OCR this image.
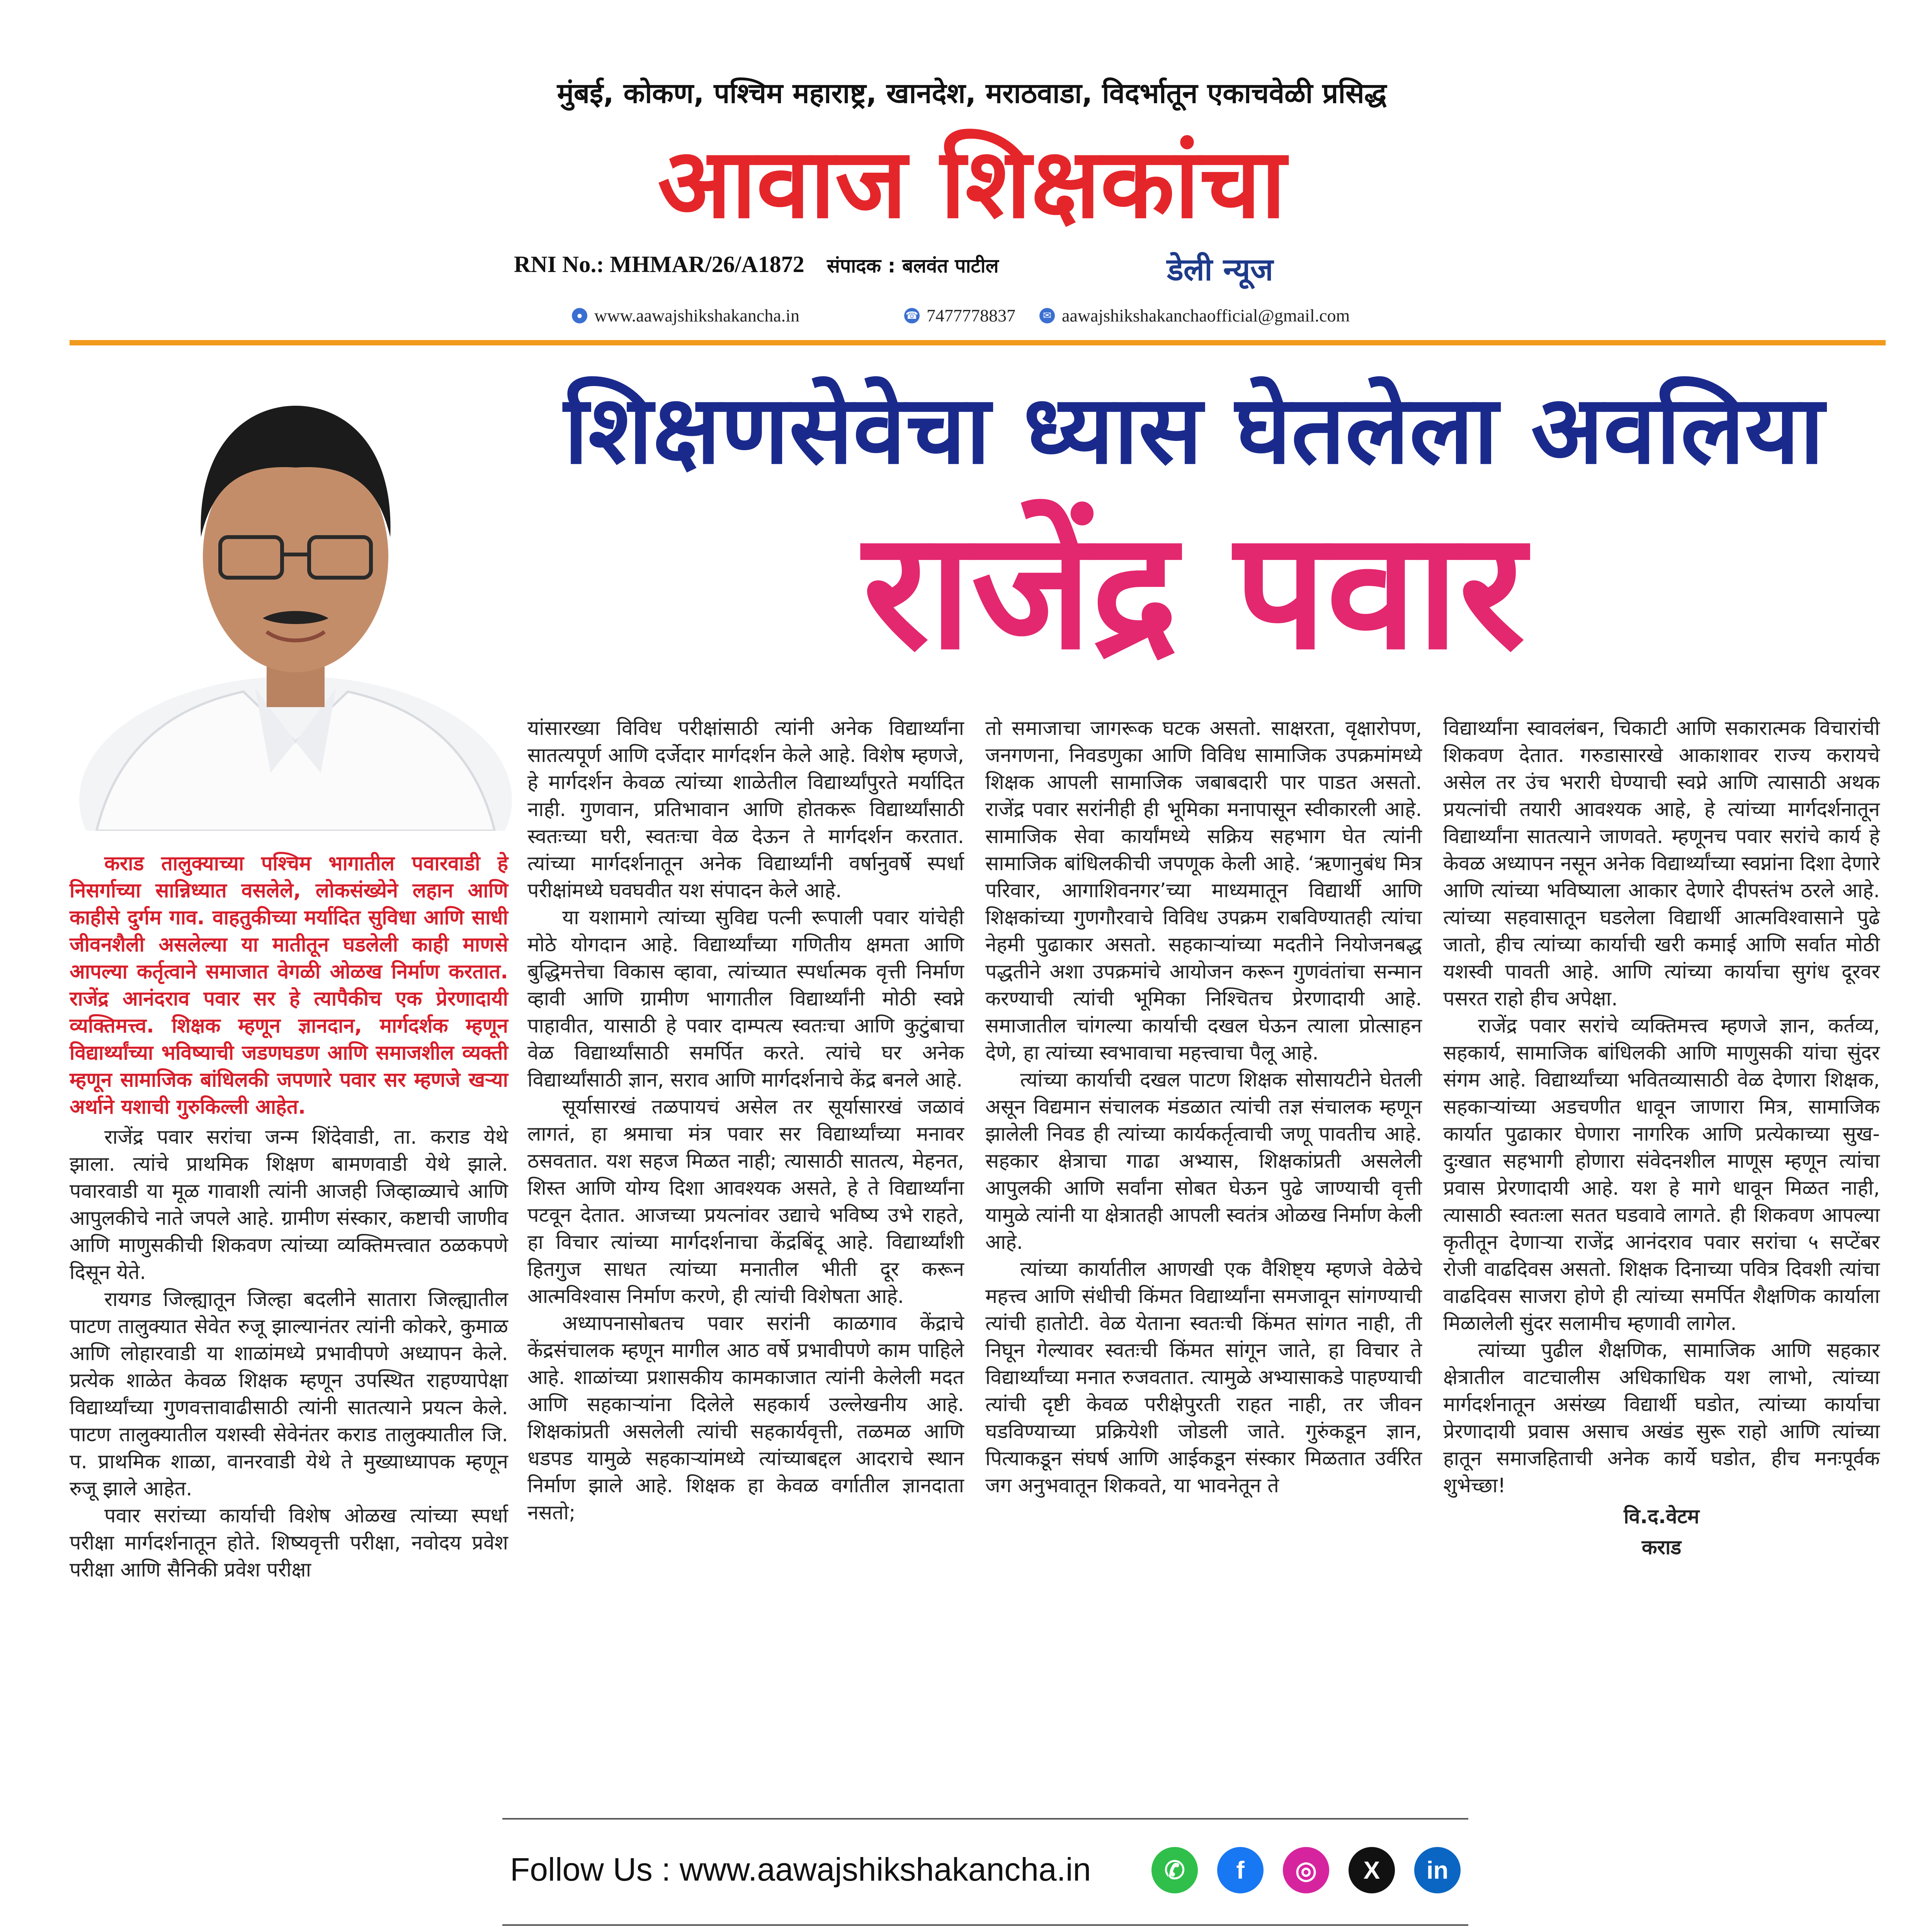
मुंबई, कोकण, पश्चिम महाराष्ट्र, खानदेश, मराठवाडा, विदर्भातून एकाचवेळी प्रसिद्ध
आवाज शिक्षकांचा
RNI No.: MHMAR/26/A1872 संपादक : बलवंत पाटील	डेली न्यूज
● www.aawajshikshakancha.in	☎ 7477778837	✉ aawajshikshakanchaofficial@gmail.com
शिक्षणसेवेचा ध्यास घेतलेला अवलिया
राजेंद्र पवार

कराड तालुक्याच्या पश्चिम भागातील पवारवाडी हे निसर्गाच्या सान्निध्यात वसलेले, लोकसंख्येने लहान आणि काहीसे दुर्गम गाव. वाहतुकीच्या मर्यादित सुविधा आणि साधी जीवनशैली असलेल्या या मातीतून घडलेली काही माणसे आपल्या कर्तृत्वाने समाजात वेगळी ओळख निर्माण करतात. राजेंद्र आनंदराव पवार सर हे त्यापैकीच एक प्रेरणादायी व्यक्तिमत्त्व. शिक्षक म्हणून ज्ञानदान, मार्गदर्शक म्हणून विद्यार्थ्यांच्या भविष्याची जडणघडण आणि समाजशील व्यक्ती म्हणून सामाजिक बांधिलकी जपणारे पवार सर म्हणजे खऱ्या अर्थाने यशाची गुरुकिल्ली आहेत.

राजेंद्र पवार सरांचा जन्म शिंदेवाडी, ता. कराड येथे झाला. त्यांचे प्राथमिक शिक्षण बामणवाडी येथे झाले. पवारवाडी या मूळ गावाशी त्यांनी आजही जिव्हाळ्याचे आणि आपुलकीचे नाते जपले आहे. ग्रामीण संस्कार, कष्टाची जाणीव आणि माणुसकीची शिकवण त्यांच्या व्यक्तिमत्त्वात ठळकपणे दिसून येते.

रायगड जिल्ह्यातून जिल्हा बदलीने सातारा जिल्ह्यातील पाटण तालुक्यात सेवेत रुजू झाल्यानंतर त्यांनी कोकरे, कुमाळ आणि लोहारवाडी या शाळांमध्ये प्रभावीपणे अध्यापन केले. प्रत्येक शाळेत केवळ शिक्षक म्हणून उपस्थित राहण्यापेक्षा विद्यार्थ्यांच्या गुणवत्तावाढीसाठी त्यांनी सातत्याने प्रयत्न केले. पाटण तालुक्यातील यशस्वी सेवेनंतर कराड तालुक्यातील जि. प. प्राथमिक शाळा, वानरवाडी येथे ते मुख्याध्यापक म्हणून रुजू झाले आहेत.

पवार सरांच्या कार्याची विशेष ओळख त्यांच्या स्पर्धा परीक्षा मार्गदर्शनातून होते. शिष्यवृत्ती परीक्षा, नवोदय प्रवेश परीक्षा आणि सैनिकी प्रवेश परीक्षा

यांसारख्या विविध परीक्षांसाठी त्यांनी अनेक विद्यार्थ्यांना सातत्यपूर्ण आणि दर्जेदार मार्गदर्शन केले आहे. विशेष म्हणजे, हे मार्गदर्शन केवळ त्यांच्या शाळेतील विद्यार्थ्यांपुरते मर्यादित नाही. गुणवान, प्रतिभावान आणि होतकरू विद्यार्थ्यांसाठी स्वतःच्या घरी, स्वतःचा वेळ देऊन ते मार्गदर्शन करतात. त्यांच्या मार्गदर्शनातून अनेक विद्यार्थ्यांनी वर्षानुवर्षे स्पर्धा परीक्षांमध्ये घवघवीत यश संपादन केले आहे.

या यशामागे त्यांच्या सुविद्य पत्नी रूपाली पवार यांचेही मोठे योगदान आहे. विद्यार्थ्यांच्या गणितीय क्षमता आणि बुद्धिमत्तेचा विकास व्हावा, त्यांच्यात स्पर्धात्मक वृत्ती निर्माण व्हावी आणि ग्रामीण भागातील विद्यार्थ्यांनी मोठी स्वप्ने पाहावीत, यासाठी हे पवार दाम्पत्य स्वतःचा आणि कुटुंबाचा वेळ विद्यार्थ्यांसाठी समर्पित करते. त्यांचे घर अनेक विद्यार्थ्यांसाठी ज्ञान, सराव आणि मार्गदर्शनाचे केंद्र बनले आहे.

सूर्यासारखं तळपायचं असेल तर सूर्यासारखं जळावं लागतं, हा श्रमाचा मंत्र पवार सर विद्यार्थ्यांच्या मनावर ठसवतात. यश सहज मिळत नाही; त्यासाठी सातत्य, मेहनत, शिस्त आणि योग्य दिशा आवश्यक असते, हे ते विद्यार्थ्यांना पटवून देतात. आजच्या प्रयत्नांवर उद्याचे भविष्य उभे राहते, हा विचार त्यांच्या मार्गदर्शनाचा केंद्रबिंदू आहे. विद्यार्थ्यांशी हितगुज साधत त्यांच्या मनातील भीती दूर करून आत्मविश्वास निर्माण करणे, ही त्यांची विशेषता आहे.

अध्यापनासोबतच पवार सरांनी काळगाव केंद्राचे केंद्रसंचालक म्हणून मागील आठ वर्षे प्रभावीपणे काम पाहिले आहे. शाळांच्या प्रशासकीय कामकाजात त्यांनी केलेली मदत आणि सहकाऱ्यांना दिलेले सहकार्य उल्लेखनीय आहे. शिक्षकांप्रती असलेली त्यांची सहकार्यवृत्ती, तळमळ आणि धडपड यामुळे सहकाऱ्यांमध्ये त्यांच्याबद्दल आदराचे स्थान निर्माण झाले आहे. शिक्षक हा केवळ वर्गातील ज्ञानदाता नसतो;

तो समाजाचा जागरूक घटक असतो. साक्षरता, वृक्षारोपण, जनगणना, निवडणुका आणि विविध सामाजिक उपक्रमांमध्ये शिक्षक आपली सामाजिक जबाबदारी पार पाडत असतो. राजेंद्र पवार सरांनीही ही भूमिका मनापासून स्वीकारली आहे. सामाजिक सेवा कार्यांमध्ये सक्रिय सहभाग घेत त्यांनी सामाजिक बांधिलकीची जपणूक केली आहे. ‘ऋणानुबंध मित्र परिवार, आगाशिवनगर’च्या माध्यमातून विद्यार्थी आणि शिक्षकांच्या गुणगौरवाचे विविध उपक्रम राबविण्यातही त्यांचा नेहमी पुढाकार असतो. सहकाऱ्यांच्या मदतीने नियोजनबद्ध पद्धतीने अशा उपक्रमांचे आयोजन करून गुणवंतांचा सन्मान करण्याची त्यांची भूमिका निश्चितच प्रेरणादायी आहे. समाजातील चांगल्या कार्याची दखल घेऊन त्याला प्रोत्साहन देणे, हा त्यांच्या स्वभावाचा महत्त्वाचा पैलू आहे.

त्यांच्या कार्याची दखल पाटण शिक्षक सोसायटीने घेतली असून विद्यमान संचालक मंडळात त्यांची तज्ञ संचालक म्हणून झालेली निवड ही त्यांच्या कार्यकर्तृत्वाची जणू पावतीच आहे. सहकार क्षेत्राचा गाढा अभ्यास, शिक्षकांप्रती असलेली आपुलकी आणि सर्वांना सोबत घेऊन पुढे जाण्याची वृत्ती यामुळे त्यांनी या क्षेत्रातही आपली स्वतंत्र ओळख निर्माण केली आहे.

त्यांच्या कार्यातील आणखी एक वैशिष्ट्य म्हणजे वेळेचे महत्त्व आणि संधीची किंमत विद्यार्थ्यांना समजावून सांगण्याची त्यांची हातोटी. वेळ येताना स्वतःची किंमत सांगत नाही, ती निघून गेल्यावर स्वतःची किंमत सांगून जाते, हा विचार ते विद्यार्थ्यांच्या मनात रुजवतात. त्यामुळे अभ्यासाकडे पाहण्याची त्यांची दृष्टी केवळ परीक्षेपुरती राहत नाही, तर जीवन घडविण्याच्या प्रक्रियेशी जोडली जाते. गुरुंकडून ज्ञान, पित्याकडून संघर्ष आणि आईकडून संस्कार मिळतात उर्वरित जग अनुभवातून शिकवते, या भावनेतून ते

विद्यार्थ्यांना स्वावलंबन, चिकाटी आणि सकारात्मक विचारांची शिकवण देतात. गरुडासारखे आकाशावर राज्य करायचे असेल तर उंच भरारी घेण्याची स्वप्ने आणि त्यासाठी अथक प्रयत्नांची तयारी आवश्यक आहे, हे त्यांच्या मार्गदर्शनातून विद्यार्थ्यांना सातत्याने जाणवते. म्हणूनच पवार सरांचे कार्य हे केवळ अध्यापन नसून अनेक विद्यार्थ्यांच्या स्वप्नांना दिशा देणारे आणि त्यांच्या भविष्याला आकार देणारे दीपस्तंभ ठरले आहे. त्यांच्या सहवासातून घडलेला विद्यार्थी आत्मविश्वासाने पुढे जातो, हीच त्यांच्या कार्याची खरी कमाई आणि सर्वात मोठी यशस्वी पावती आहे. आणि त्यांच्या कार्याचा सुगंध दूरवर पसरत राहो हीच अपेक्षा.

राजेंद्र पवार सरांचे व्यक्तिमत्त्व म्हणजे ज्ञान, कर्तव्य, सहकार्य, सामाजिक बांधिलकी आणि माणुसकी यांचा सुंदर संगम आहे. विद्यार्थ्यांच्या भवितव्यासाठी वेळ देणारा शिक्षक, सहकाऱ्यांच्या अडचणीत धावून जाणारा मित्र, सामाजिक कार्यात पुढाकार घेणारा नागरिक आणि प्रत्येकाच्या सुख-दुःखात सहभागी होणारा संवेदनशील माणूस म्हणून त्यांचा प्रवास प्रेरणादायी आहे. यश हे मागे धावून मिळत नाही, त्यासाठी स्वतःला सतत घडवावे लागते. ही शिकवण आपल्या कृतीतून देणाऱ्या राजेंद्र आनंदराव पवार सरांचा ५ सप्टेंबर रोजी वाढदिवस असतो. शिक्षक दिनाच्या पवित्र दिवशी त्यांचा वाढदिवस साजरा होणे ही त्यांच्या समर्पित शैक्षणिक कार्याला मिळालेली सुंदर सलामीच म्हणावी लागेल.

त्यांच्या पुढील शैक्षणिक, सामाजिक आणि सहकार क्षेत्रातील वाटचालीस अधिकाधिक यश लाभो, त्यांच्या मार्गदर्शनातून असंख्य विद्यार्थी घडोत, त्यांच्या कार्याचा प्रेरणादायी प्रवास असाच अखंड सुरू राहो आणि त्यांच्या हातून समाजहिताची अनेक कार्ये घडोत, हीच मनःपूर्वक शुभेच्छा!

वि.द.वेटम

कराड

Follow Us : www.aawajshikshakancha.in	✆	f	◎	X	in
